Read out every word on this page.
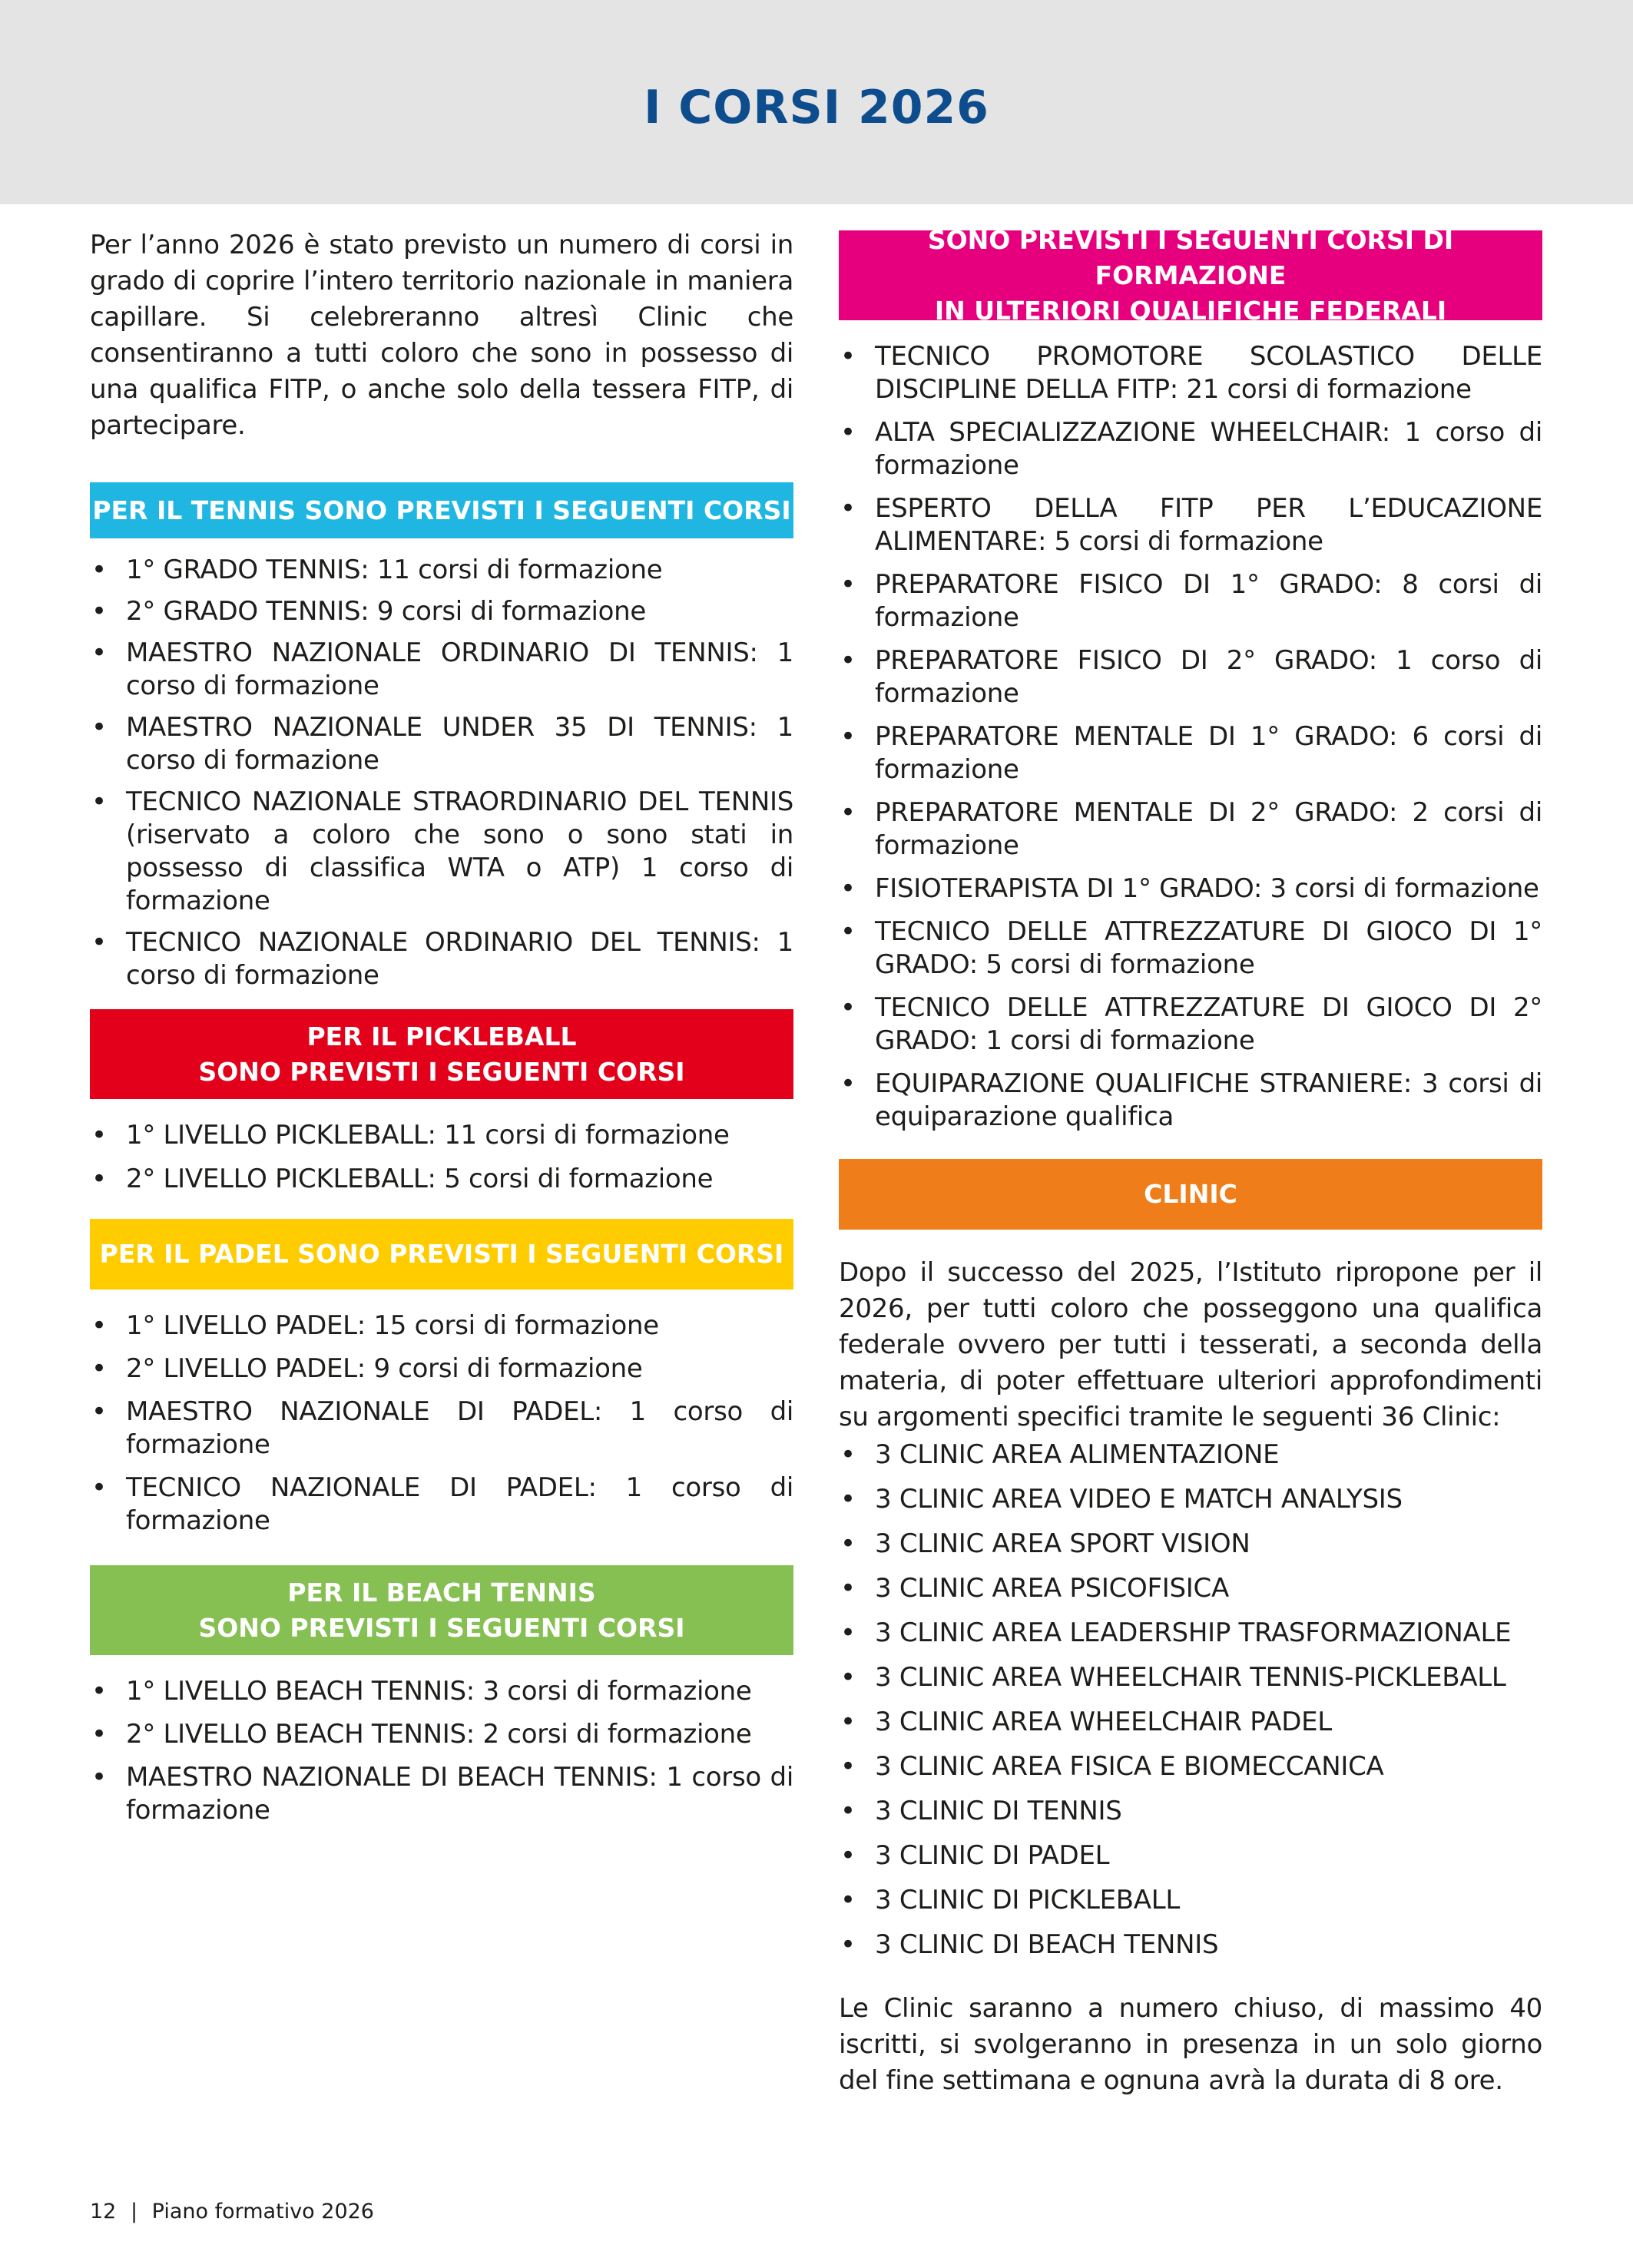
I CORSI 2026

Per l’anno 2026 è stato previsto un numero di corsi in grado di coprire l’intero territorio nazionale in maniera capillare. Si celebreranno altresì Clinic che consentiranno a tutti coloro che sono in possesso di una qualifica FITP, o anche solo della tessera FITP, di partecipare.

PER IL TENNIS SONO PREVISTI I SEGUENTI CORSI
• 1° GRADO TENNIS: 11 corsi di formazione
• 2° GRADO TENNIS: 9 corsi di formazione
• MAESTRO NAZIONALE ORDINARIO DI TENNIS: 1 corso di formazione
• MAESTRO NAZIONALE UNDER 35 DI TENNIS: 1 corso di formazione
• TECNICO NAZIONALE STRAORDINARIO DEL TENNIS (riservato a coloro che sono o sono stati in possesso di classifica WTA o ATP) 1 corso di formazione
• TECNICO NAZIONALE ORDINARIO DEL TENNIS: 1 corso di formazione
PER IL PICKLEBALL
SONO PREVISTI I SEGUENTI CORSI
• 1° LIVELLO PICKLEBALL: 11 corsi di formazione
• 2° LIVELLO PICKLEBALL: 5 corsi di formazione
PER IL PADEL SONO PREVISTI I SEGUENTI CORSI
• 1° LIVELLO PADEL: 15 corsi di formazione
• 2° LIVELLO PADEL: 9 corsi di formazione
• MAESTRO NAZIONALE DI PADEL: 1 corso di formazione
• TECNICO NAZIONALE DI PADEL: 1 corso di formazione
PER IL BEACH TENNIS
SONO PREVISTI I SEGUENTI CORSI
• 1° LIVELLO BEACH TENNIS: 3 corsi di formazione
• 2° LIVELLO BEACH TENNIS: 2 corsi di formazione
• MAESTRO NAZIONALE DI BEACH TENNIS: 1 corso di formazione
SONO PREVISTI I SEGUENTI CORSI DI FORMAZIONE
IN ULTERIORI QUALIFICHE FEDERALI
• TECNICO PROMOTORE SCOLASTICO DELLE DISCIPLINE DELLA FITP: 21 corsi di formazione
• ALTA SPECIALIZZAZIONE WHEELCHAIR: 1 corso di formazione
• ESPERTO DELLA FITP PER L’EDUCAZIONE ALIMENTARE: 5 corsi di formazione
• PREPARATORE FISICO DI 1° GRADO: 8 corsi di formazione
• PREPARATORE FISICO DI 2° GRADO: 1 corso di formazione
• PREPARATORE MENTALE DI 1° GRADO: 6 corsi di formazione
• PREPARATORE MENTALE DI 2° GRADO: 2 corsi di formazione
• FISIOTERAPISTA DI 1° GRADO: 3 corsi di formazione
• TECNICO DELLE ATTREZZATURE DI GIOCO DI 1° GRADO: 5 corsi di formazione
• TECNICO DELLE ATTREZZATURE DI GIOCO DI 2° GRADO: 1 corsi di formazione
• EQUIPARAZIONE QUALIFICHE STRANIERE: 3 corsi di equiparazione qualifica
CLINIC

Dopo il successo del 2025, l’Istituto ripropone per il 2026, per tutti coloro che posseggono una qualifica federale ovvero per tutti i tesserati, a seconda della materia, di poter effettuare ulteriori approfondimenti su argomenti specifici tramite le seguenti 36 Clinic:

• 3 CLINIC AREA ALIMENTAZIONE
• 3 CLINIC AREA VIDEO E MATCH ANALYSIS
• 3 CLINIC AREA SPORT VISION
• 3 CLINIC AREA PSICOFISICA
• 3 CLINIC AREA LEADERSHIP TRASFORMAZIONALE
• 3 CLINIC AREA WHEELCHAIR TENNIS-PICKLEBALL
• 3 CLINIC AREA WHEELCHAIR PADEL
• 3 CLINIC AREA FISICA E BIOMECCANICA
• 3 CLINIC DI TENNIS
• 3 CLINIC DI PADEL
• 3 CLINIC DI PICKLEBALL
• 3 CLINIC DI BEACH TENNIS

Le Clinic saranno a numero chiuso, di massimo 40 iscritti, si svolgeranno in presenza in un solo giorno del fine settimana e ognuna avrà la durata di 8 ore.

12 | Piano formativo 2026
